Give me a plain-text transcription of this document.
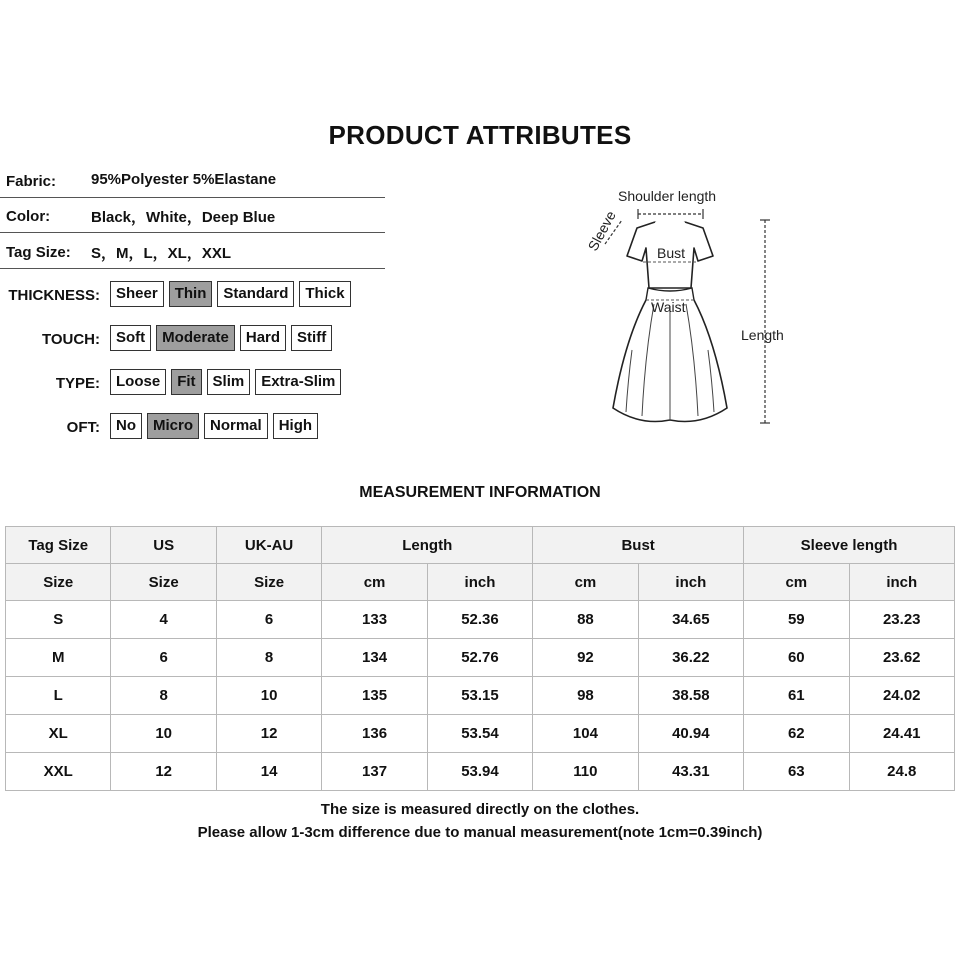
PRODUCT ATTRIBUTES
Fabric: 95%Polyester 5%Elastane
Color:	Black，White，Deep Blue
Tag Size: S，M，L，XL，XXL
THICKNESS:	Sheer	Thin	Standard	Thick
TOUCH:	Soft	Moderate	Hard	Stiff
TYPE:	Loose	Fit	Slim	Extra-Slim
OFT:	No	Micro	Normal	High
Shoulder length
Sleeve	Bust
Waist
Length
MEASUREMENT INFORMATION
Tag Size	US	UK-AU	Length		Bust		Sleeve length	
Size	Size	Size	cm	inch	cm	inch	cm	inch
S	4	6	133	52.36	88	34.65	59	23.23
M	6	8	134	52.76	92	36.22	60	23.62
L	8	10	135	53.15	98	38.58	61	24.02
XL	10	12	136	53.54	104	40.94	62	24.41
XXL	12	14	137	53.94	110	43.31	63	24.8
The size is measured directly on the clothes.
Please allow 1-3cm difference due to manual measurement(note 1cm=0.39inch)
